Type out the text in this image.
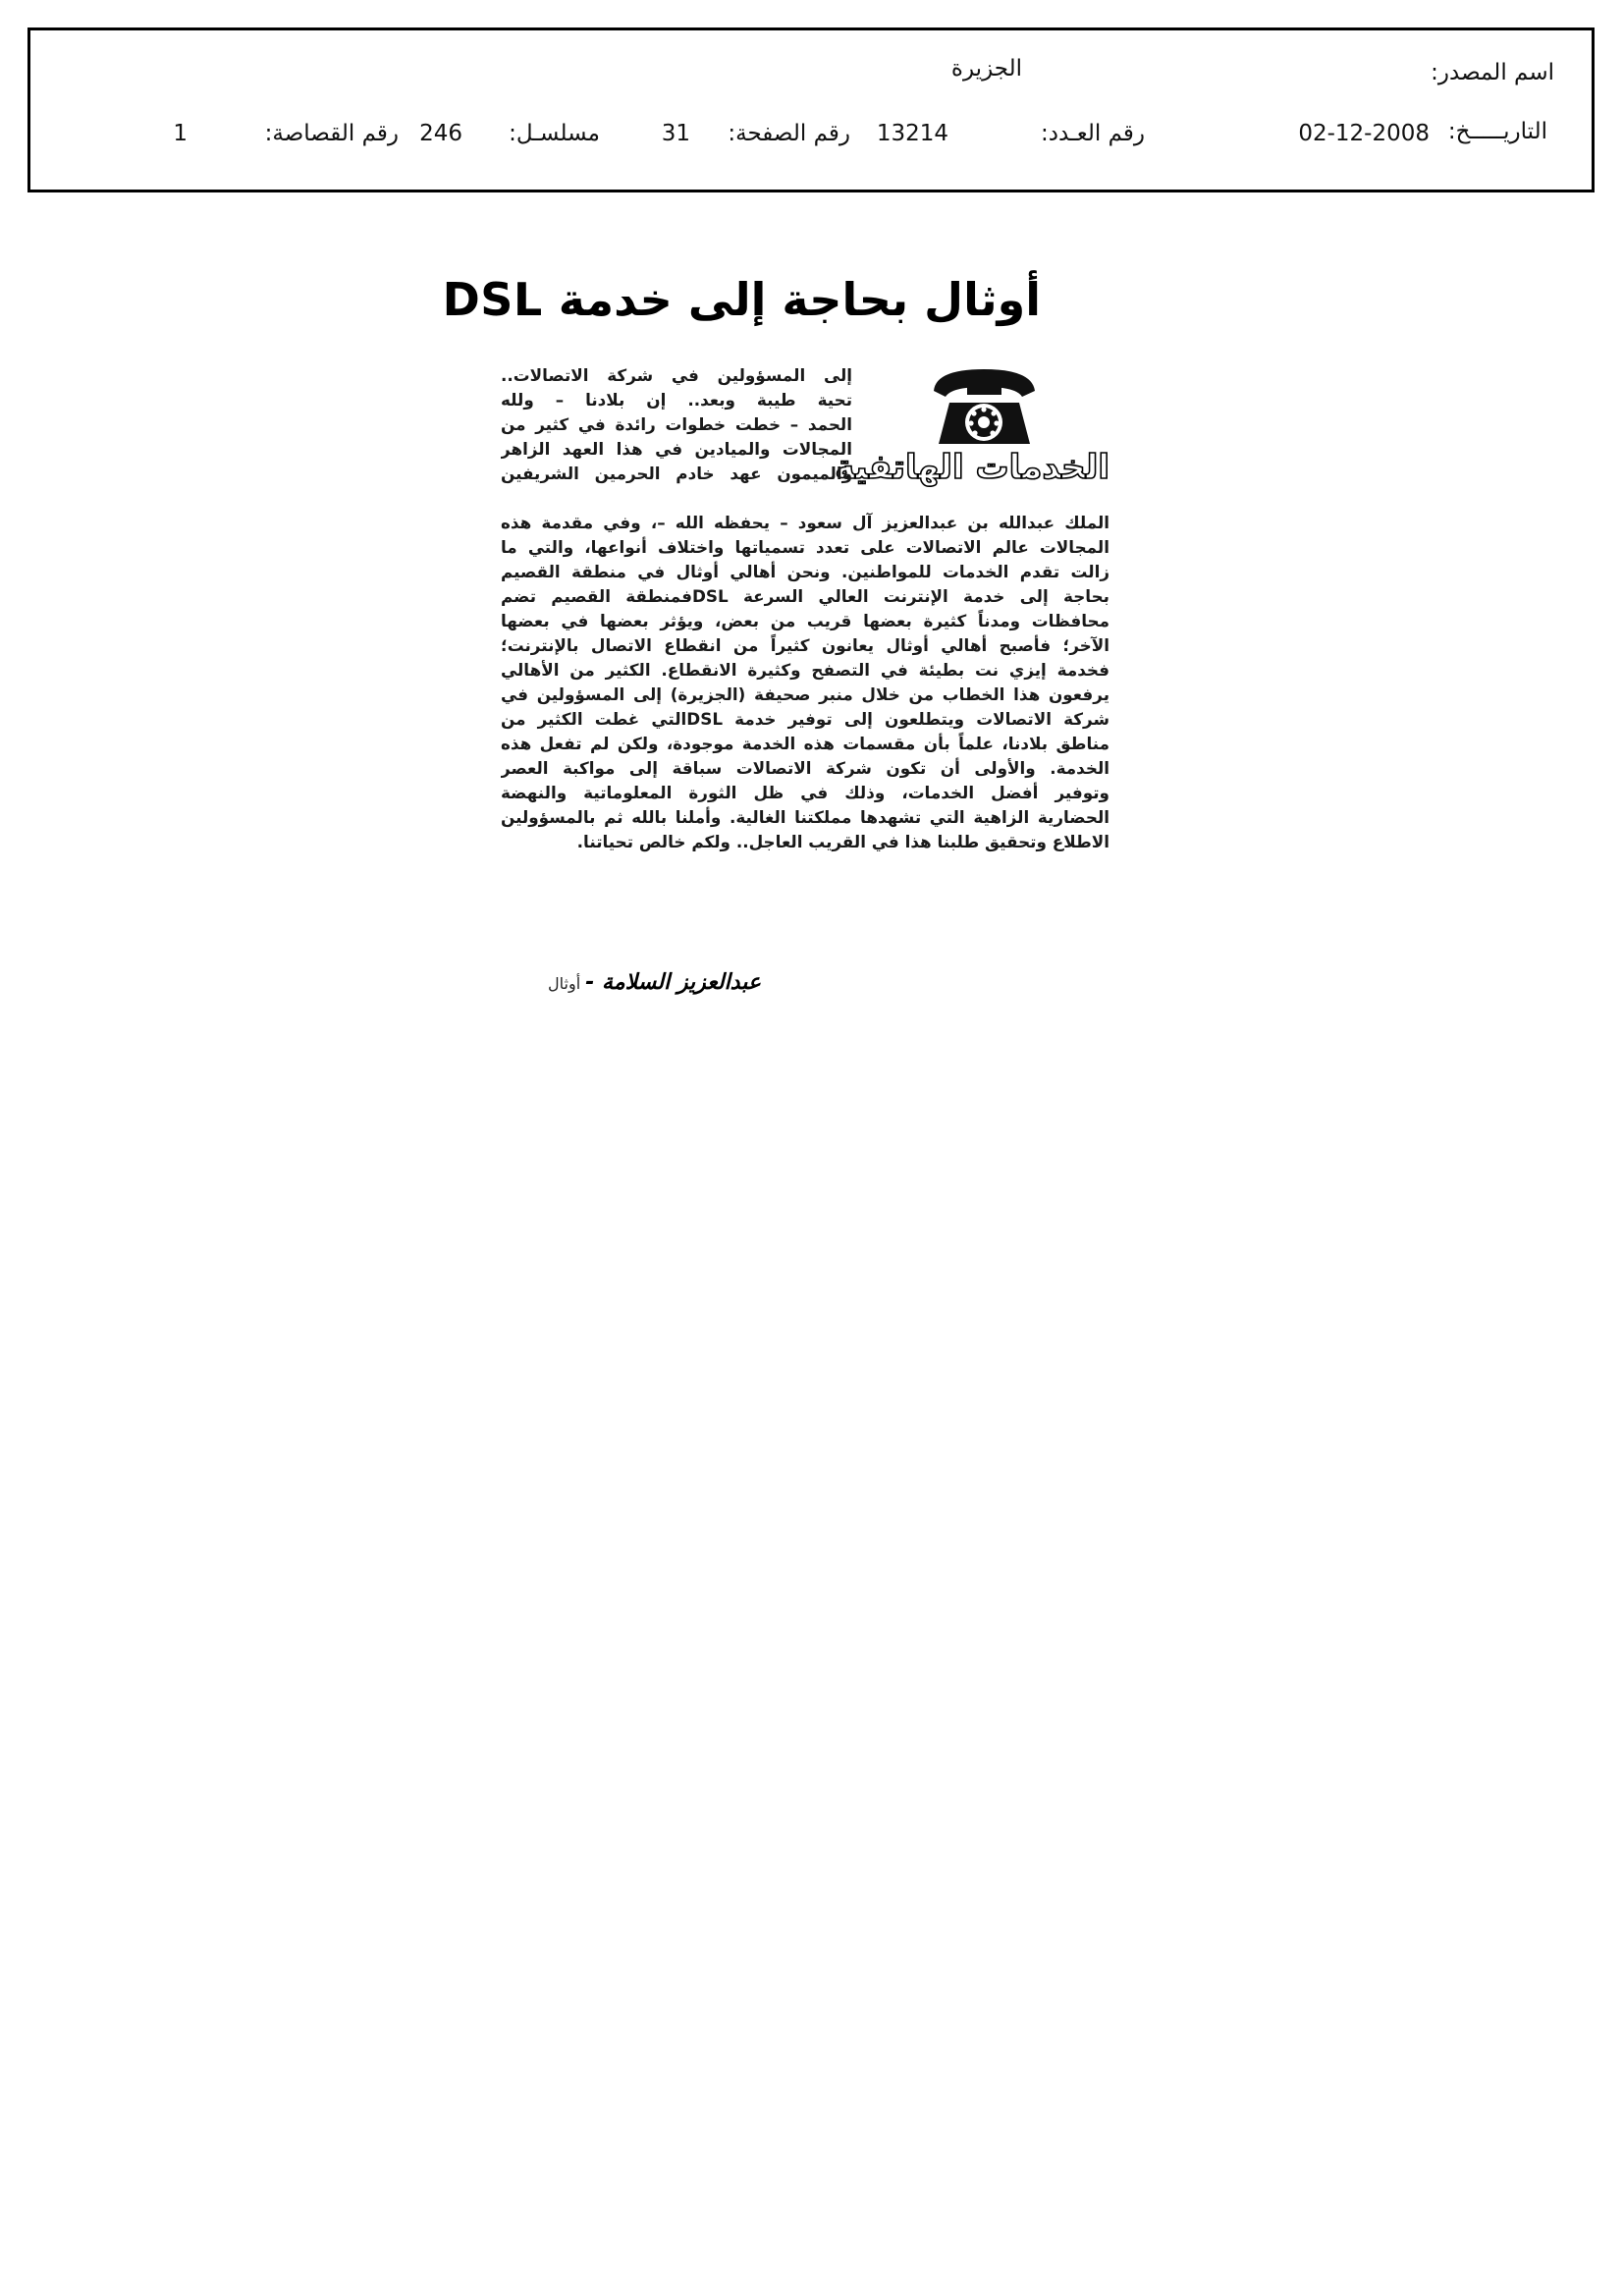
اسم المصدر:
الجزيرة
التاريـــــخ:
02-12-2008
رقم العـدد:
13214
رقم الصفحة:
31
مسلسـل:
246
رقم القصاصة:
1
أوثال بحاجة إلى خدمة DSL
الخدمات الهاتفية
إلى المسؤولين في شركة الاتصالات..
تحية طيبة وبعد.. إن بلادنا – ولله
الحمد – خطت خطوات رائدة في كثير من
المجالات والميادين في هذا العهد الزاهر
والميمون عهد خادم الحرمين الشريفين
الملك عبدالله بن عبدالعزيز آل سعود – يحفظه الله –، وفي مقدمة هذه
المجالات عالم الاتصالات على تعدد تسمياتها واختلاف أنواعها، والتي ما
زالت تقدم الخدمات للمواطنين. ونحن أهالي أوثال في منطقة القصيم
بحاجة إلى خدمة الإنترنت العالي السرعة DSLفمنطقة القصيم تضم
محافظات ومدناً كثيرة بعضها قريب من بعض، ويؤثر بعضها في بعضها
الآخر؛ فأصبح أهالي أوثال يعانون كثيراً من انقطاع الاتصال بالإنترنت؛
فخدمة إيزي نت بطيئة في التصفح وكثيرة الانقطاع. الكثير من الأهالي
يرفعون هذا الخطاب من خلال منبر صحيفة (الجزيرة) إلى المسؤولين في
شركة الاتصالات ويتطلعون إلى توفير خدمة DSLالتي غطت الكثير من
مناطق بلادنا، علماً بأن مقسمات هذه الخدمة موجودة، ولكن لم تفعل هذه
الخدمة. والأولى أن تكون شركة الاتصالات سباقة إلى مواكبة العصر
وتوفير أفضل الخدمات، وذلك في ظل الثورة المعلوماتية والنهضة
الحضارية الزاهية التي تشهدها مملكتنا الغالية. وأملنا بالله ثم بالمسؤولين
الاطلاع وتحقيق طلبنا هذا في القريب العاجل.. ولكم خالص تحياتنا.
عبدالعزيز السلامة - أوثال
